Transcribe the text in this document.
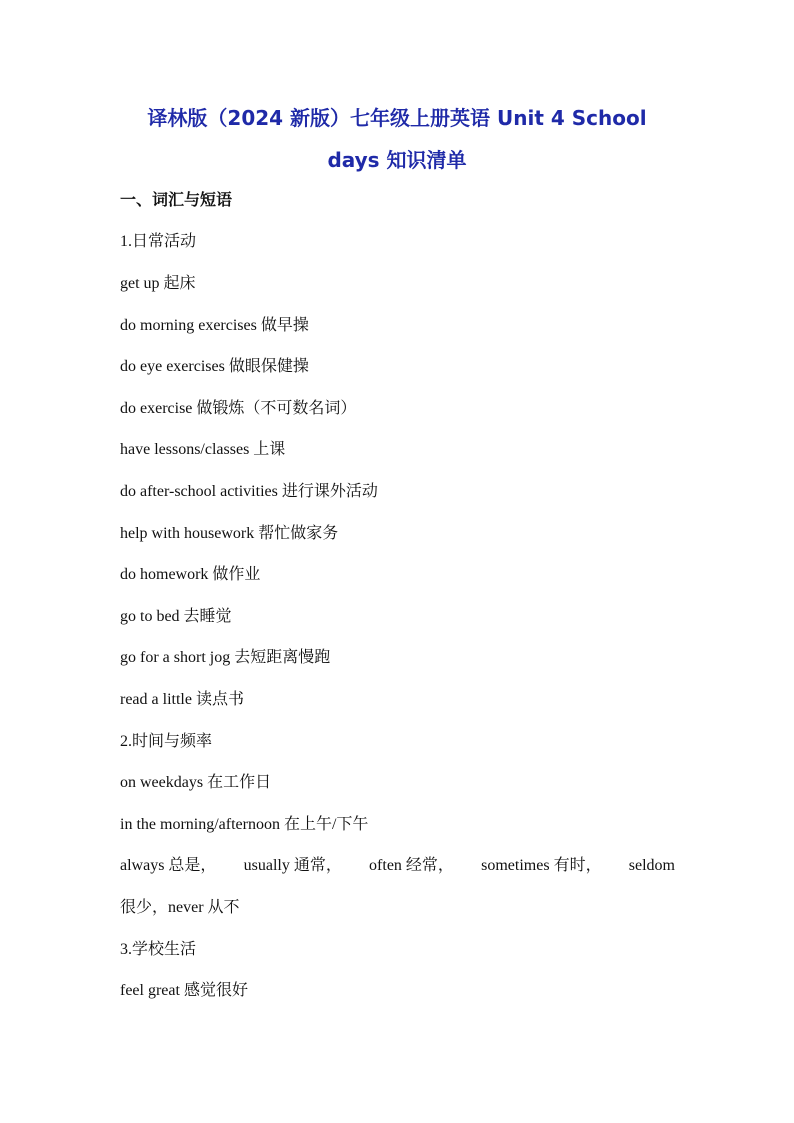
译林版（2024 新版）七年级上册英语 Unit 4 School
days 知识清单
一、词汇与短语
1.日常活动
get up 起床
do morning exercises 做早操
do eye exercises 做眼保健操
do exercise 做锻炼（不可数名词）
have lessons/classes 上课
do after-school activities 进行课外活动
help with housework 帮忙做家务
do homework 做作业
go to bed 去睡觉
go for a short jog 去短距离慢跑
read a little 读点书
2.时间与频率
on weekdays 在工作日
in the morning/afternoon 在上午/下午
always 总是， usually 通常， often 经常， sometimes 有时， seldom
很少，never 从不
3.学校生活
feel great 感觉很好
